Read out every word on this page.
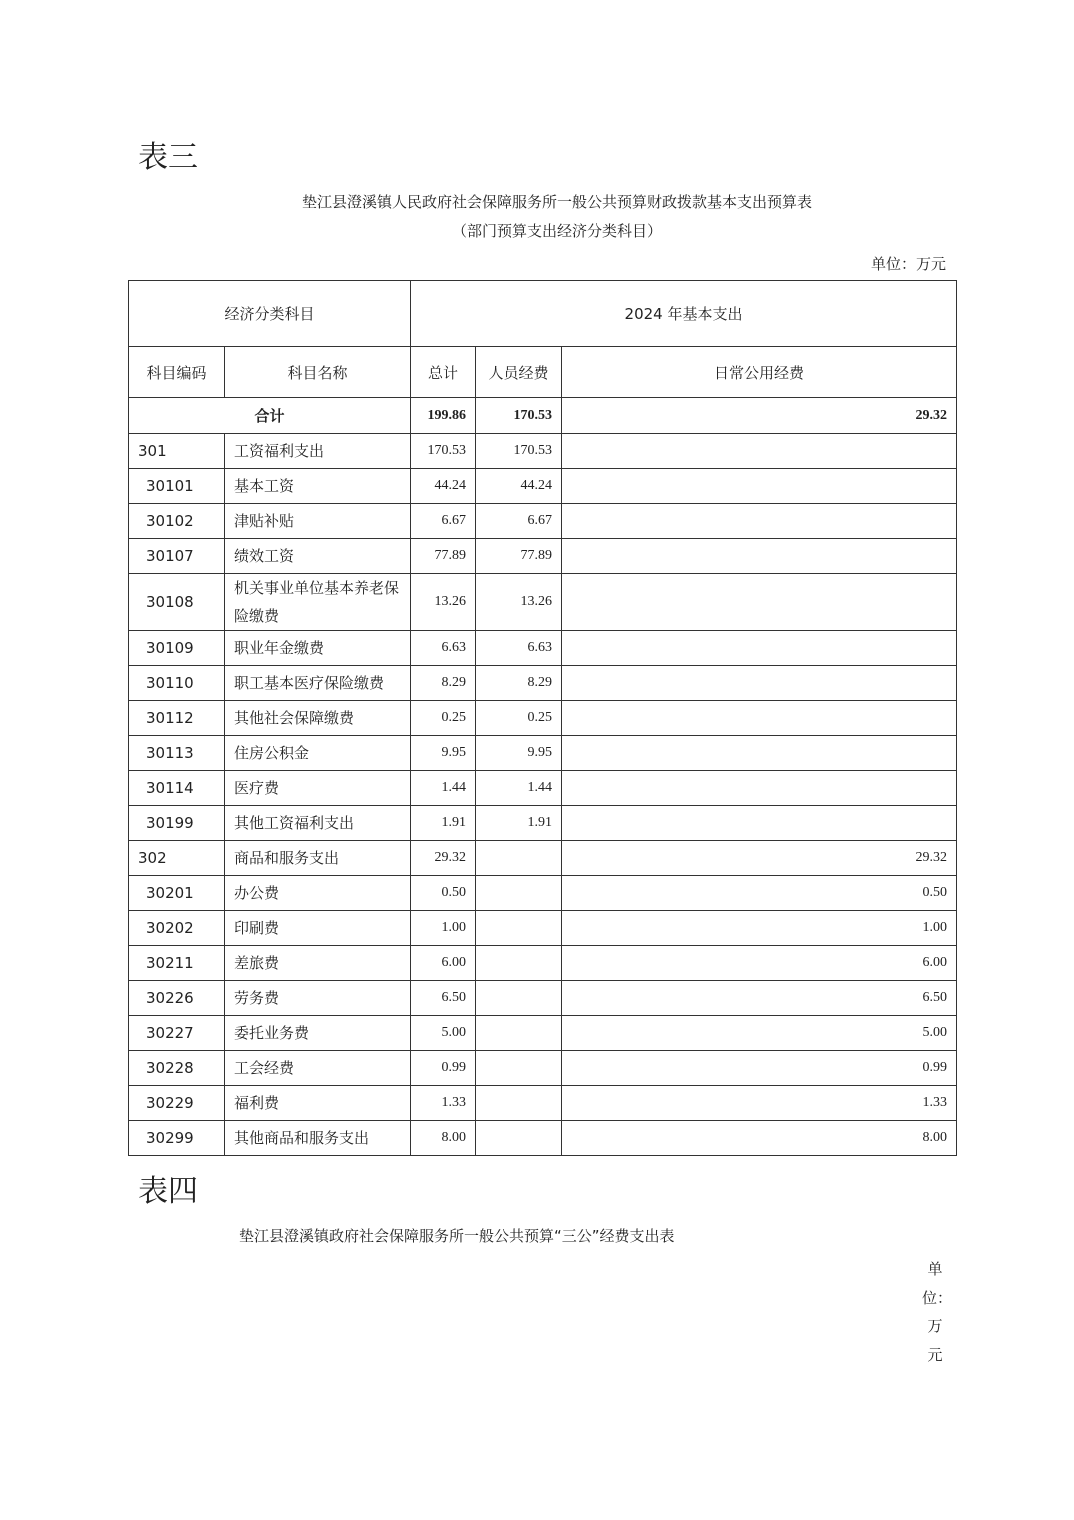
表三
垫江县澄溪镇人民政府社会保障服务所一般公共预算财政拨款基本支出预算表
（部门预算支出经济分类科目）
单位：万元
经济分类科目		2024 年基本支出		
科目编码	科目名称	总计	人员经费	日常公用经费
合计		199.86	170.53	29.32
301	工资福利支出	170.53	170.53	
30101	基本工资	44.24	44.24	
30102	津贴补贴	6.67	6.67	
30107	绩效工资	77.89	77.89	
30108	机关事业单位基本养老保险缴费	13.26	13.26	
30109	职业年金缴费	6.63	6.63	
30110	职工基本医疗保险缴费	8.29	8.29	
30112	其他社会保障缴费	0.25	0.25	
30113	住房公积金	9.95	9.95	
30114	医疗费	1.44	1.44	
30199	其他工资福利支出	1.91	1.91	
302	商品和服务支出	29.32		29.32
30201	办公费	0.50		0.50
30202	印刷费	1.00		1.00
30211	差旅费	6.00		6.00
30226	劳务费	6.50		6.50
30227	委托业务费	5.00		5.00
30228	工会经费	0.99		0.99
30229	福利费	1.33		1.33
30299	其他商品和服务支出	8.00		8.00
表四
垫江县澄溪镇政府社会保障服务所一般公共预算“三公”经费支出表
单位：万元
